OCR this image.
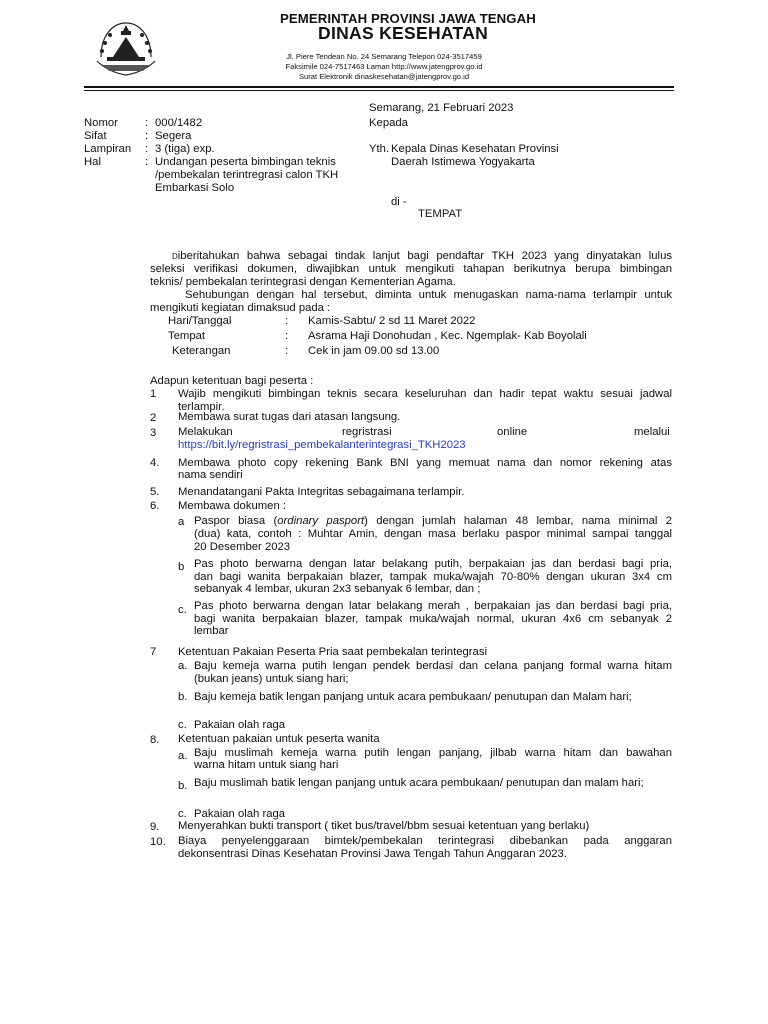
PEMERINTAH PROVINSI JAWA TENGAH
DINAS KESEHATAN
Jl. Piere Tendean No. 24 Semarang Telepon 024-3517459
Faksimile 024-7517463 Laman http://www.jatengprov.go.id
Surat Elektronik dinaskesehatan@jatengprov.go.id
Semarang, 21 Februari 2023
Kepada
Yth. Kepala Dinas Kesehatan Provinsi
Daerah Istimewa Yogyakarta
di -
TEMPAT
Nomor : 000/1482
Sifat	: Segera
Lampiran : 3 (tiga) exp.
Hal	: Undangan peserta bimbingan teknis
/pembekalan terintregrasi calon TKH
Embarkasi Solo
Diberitahukan bahwa sebagai tindak lanjut bagi pendaftar TKH 2023 yang dinyatakan lulus
seleksi verifikasi dokumen, diwajibkan untuk mengikuti tahapan berikutnya berupa bimbingan
teknis/ pembekalan terintegrasi dengan Kementerian Agama.
Sehubungan dengan hal tersebut, diminta untuk menugaskan nama-nama terlampir untuk
mengikuti kegiatan dimaksud pada :
Hari/Tanggal	: Kamis-Sabtu/ 2 sd 11 Maret 2022
Tempat	: Asrama Haji Donohudan , Kec. Ngemplak- Kab Boyolali
Keterangan	: Cek in jam 09.00 sd 13.00
Adapun ketentuan bagi peserta :
1 Wajib mengikuti bimbingan teknis secara keseluruhan dan hadir tepat waktu sesuai jadwal
terlampir.
2 Membawa surat tugas dari atasan langsung.
3 Melakukan	regristrasi	online	melalui
https://bit.ly/regristrasi_pembekalanterintegrasi_TKH2023
4. Membawa photo copy rekening Bank BNI yang memuat nama dan nomor rekening atas
nama sendiri
5. Menandatangani Pakta Integritas sebagaimana terlampir.
6. Membawa dokumen :
a Paspor biasa (ordinary pasport) dengan jumlah halaman 48 lembar, nama minimal 2
(dua) kata, contoh : Muhtar Amin, dengan masa berlaku paspor minimal sampai tanggal
20 Desember 2023
b Pas photo berwarna dengan latar belakang putih, berpakaian jas dan berdasi bagi pria,
dan bagi wanita berpakaian blazer, tampak muka/wajah 70-80% dengan ukuran 3x4 cm
sebanyak 4 lembar, ukuran 2x3 sebanyak 6 lembar, dan ;
c. Pas photo berwarna dengan latar belakang merah , berpakaian jas dan berdasi bagi pria,
bagi wanita berpakaian blazer, tampak muka/wajah normal, ukuran 4x6 cm sebanyak 2
lembar
7 Ketentuan Pakaian Peserta Pria saat pembekalan terintegrasi
a. Baju kemeja warna putih lengan pendek berdasi dan celana panjang formal warna hitam
(bukan jeans) untuk siang hari;
b. Baju kemeja batik lengan panjang untuk acara pembukaan/ penutupan dan Malam hari;
c. Pakaian olah raga
8. Ketentuan pakaian untuk peserta wanita
a. Baju muslimah kemeja warna putih lengan panjang, jilbab warna hitam dan bawahan
warna hitam untuk siang hari
b. Baju muslimah batik lengan panjang untuk acara pembukaan/ penutupan dan malam hari;
c. Pakaian olah raga
9. Menyerahkan bukti transport ( tiket bus/travel/bbm sesuai ketentuan yang berlaku)
10. Biaya penyelenggaraan bimtek/pembekalan terintegrasi dibebankan pada anggaran
dekonsentrasi Dinas Kesehatan Provinsi Jawa Tengah Tahun Anggaran 2023.
